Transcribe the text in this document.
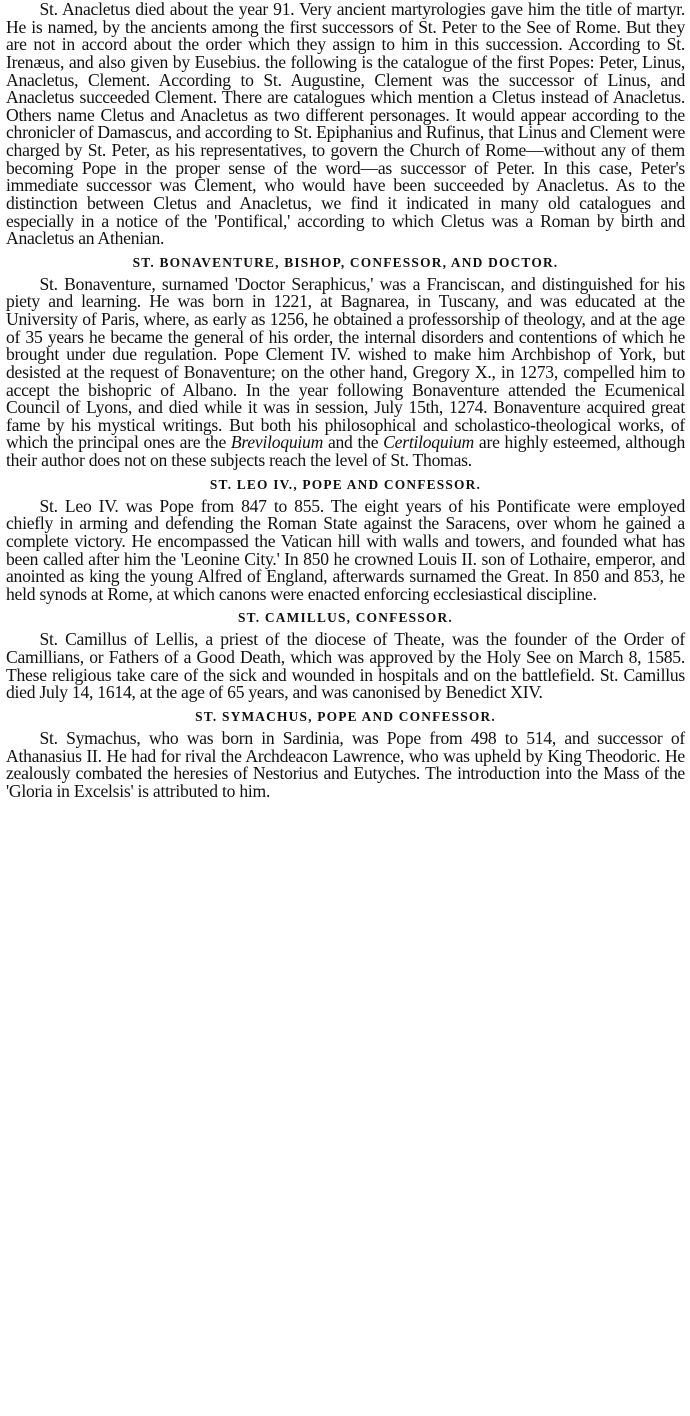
St. Anacletus died about the year 91. Very ancient martyrologies gave him the title of martyr. He is named, by the ancients among the first successors of St. Peter to the See of Rome. But they are not in accord about the order which they assign to him in this succession. According to St. Irenæus, and also given by Eusebius. the following is the catalogue of the first Popes: Peter, Linus, Anacletus, Clement. According to St. Augustine, Clement was the successor of Linus, and Anacletus succeeded Clement. There are catalogues which mention a Cletus instead of Anacletus. Others name Cletus and Anacletus as two different personages. It would appear according to the chronicler of Damascus, and according to St. Epiphanius and Rufinus, that Linus and Clement were charged by St. Peter, as his representatives, to govern the Church of Rome—without any of them becoming Pope in the proper sense of the word—as successor of Peter. In this case, Peter's immediate successor was Clement, who would have been succeeded by Anacletus. As to the distinction between Cletus and Anacletus, we find it indicated in many old catalogues and especially in a notice of the 'Pontifical,' according to which Cletus was a Roman by birth and Anacletus an Athenian.

ST. BONAVENTURE, BISHOP, CONFESSOR, AND DOCTOR.

St. Bonaventure, surnamed 'Doctor Seraphicus,' was a Franciscan, and distinguished for his piety and learning. He was born in 1221, at Bagnarea, in Tuscany, and was educated at the University of Paris, where, as early as 1256, he obtained a professorship of theology, and at the age of 35 years he became the general of his order, the internal disorders and contentions of which he brought under due regulation. Pope Clement IV. wished to make him Archbishop of York, but desisted at the request of Bonaventure; on the other hand, Gregory X., in 1273, compelled him to accept the bishopric of Albano. In the year following Bonaventure attended the Ecumenical Council of Lyons, and died while it was in session, July 15th, 1274. Bonaventure acquired great fame by his mystical writings. But both his philosophical and scholastico-theological works, of which the principal ones are the Breviloquium and the Certiloquium are highly esteemed, although their author does not on these subjects reach the level of St. Thomas.

ST. LEO IV., POPE AND CONFESSOR.

St. Leo IV. was Pope from 847 to 855. The eight years of his Pontificate were employed chiefly in arming and defending the Roman State against the Saracens, over whom he gained a complete victory. He encompassed the Vatican hill with walls and towers, and founded what has been called after him the 'Leonine City.' In 850 he crowned Louis II. son of Lothaire, emperor, and anointed as king the young Alfred of England, afterwards surnamed the Great. In 850 and 853, he held synods at Rome, at which canons were enacted enforcing ecclesiastical discipline.

ST. CAMILLUS, CONFESSOR.

St. Camillus of Lellis, a priest of the diocese of Theate, was the founder of the Order of Camillians, or Fathers of a Good Death, which was approved by the Holy See on March 8, 1585. These religious take care of the sick and wounded in hospitals and on the battlefield. St. Camillus died July 14, 1614, at the age of 65 years, and was canonised by Benedict XIV.

ST. SYMACHUS, POPE AND CONFESSOR.

St. Symachus, who was born in Sardinia, was Pope from 498 to 514, and successor of Athanasius II. He had for rival the Archdeacon Lawrence, who was upheld by King Theodoric. He zealously combated the heresies of Nestorius and Eutyches. The introduction into the Mass of the 'Gloria in Excelsis' is attributed to him.
